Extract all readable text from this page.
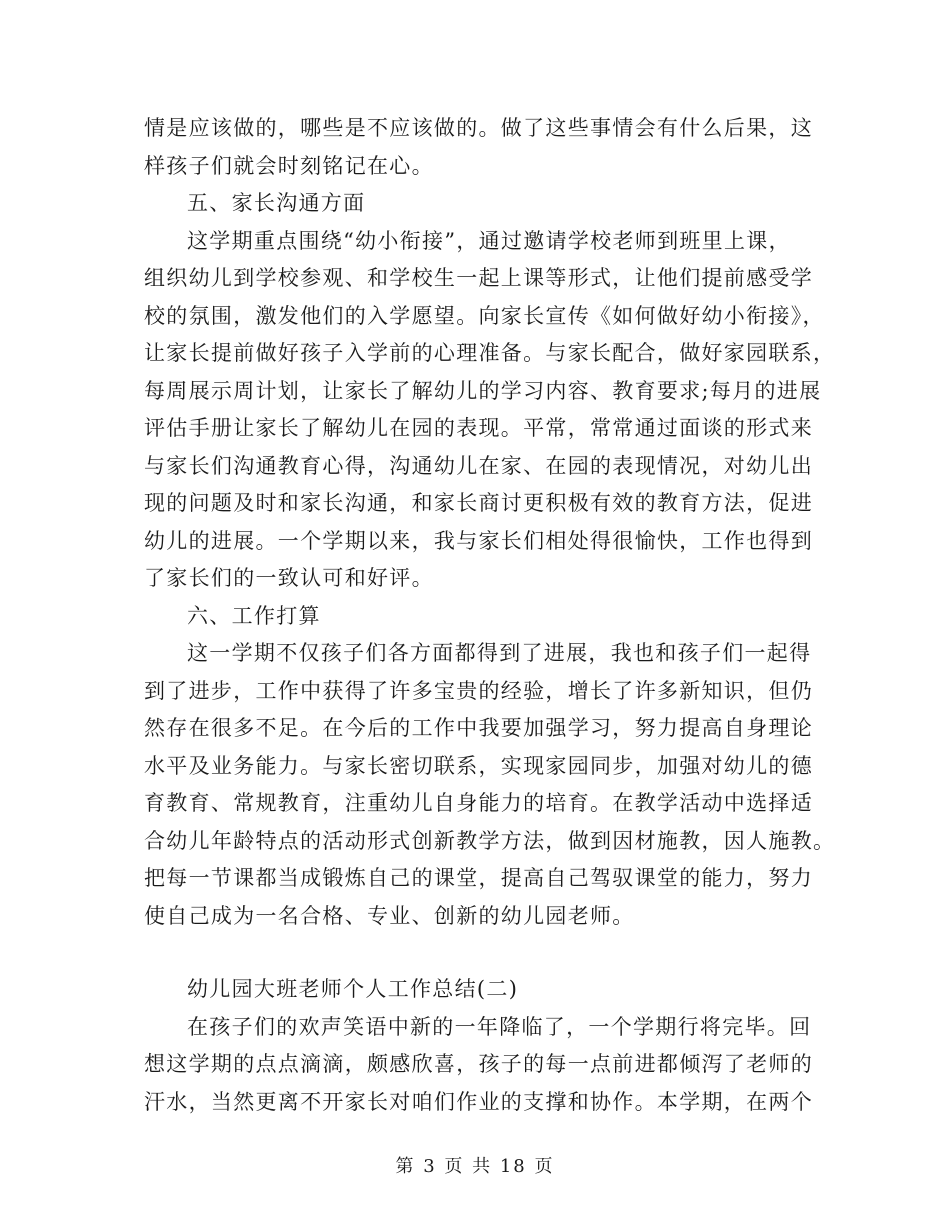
情是应该做的，哪些是不应该做的。做了这些事情会有什么后果，这
样孩子们就会时刻铭记在心。
五、家长沟通方面
这学期重点围绕“幼小衔接”，通过邀请学校老师到班里上课，
组织幼儿到学校参观、和学校生一起上课等形式，让他们提前感受学
校的氛围，激发他们的入学愿望。向家长宣传《如何做好幼小衔接》，
让家长提前做好孩子入学前的心理准备。与家长配合，做好家园联系，
每周展示周计划，让家长了解幼儿的学习内容、教育要求;每月的进展
评估手册让家长了解幼儿在园的表现。平常，常常通过面谈的形式来
与家长们沟通教育心得，沟通幼儿在家、在园的表现情况，对幼儿出
现的问题及时和家长沟通，和家长商讨更积极有效的教育方法，促进
幼儿的进展。一个学期以来，我与家长们相处得很愉快，工作也得到
了家长们的一致认可和好评。
六、工作打算
这一学期不仅孩子们各方面都得到了进展，我也和孩子们一起得
到了进步，工作中获得了许多宝贵的经验，增长了许多新知识，但仍
然存在很多不足。在今后的工作中我要加强学习，努力提高自身理论
水平及业务能力。与家长密切联系，实现家园同步，加强对幼儿的德
育教育、常规教育，注重幼儿自身能力的培育。在教学活动中选择适
合幼儿年龄特点的活动形式创新教学方法，做到因材施教，因人施教。
把每一节课都当成锻炼自己的课堂，提高自己驾驭课堂的能力，努力
使自己成为一名合格、专业、创新的幼儿园老师。
幼儿园大班老师个人工作总结(二)
在孩子们的欢声笑语中新的一年降临了，一个学期行将完毕。回
想这学期的点点滴滴，颇感欣喜，孩子的每一点前进都倾泻了老师的
汗水，当然更离不开家长对咱们作业的支撑和协作。本学期，在两个
第 3 页 共 18 页
